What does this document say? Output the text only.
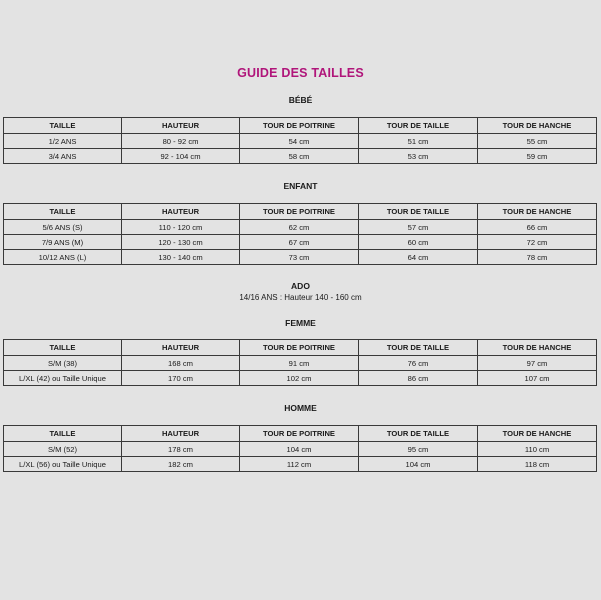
GUIDE DES TAILLES
BÉBÉ
TAILLE	HAUTEUR	TOUR DE POITRINE	TOUR DE TAILLE	TOUR DE HANCHE
1/2 ANS	80 - 92 cm	54 cm	51 cm	55 cm
3/4 ANS	92 - 104 cm	58 cm	53 cm	59 cm
ENFANT
TAILLE	HAUTEUR	TOUR DE POITRINE	TOUR DE TAILLE	TOUR DE HANCHE
5/6 ANS (S)	110 - 120 cm	62 cm	57 cm	66 cm
7/9 ANS (M)	120 - 130 cm	67 cm	60 cm	72 cm
10/12 ANS (L)	130 - 140 cm	73 cm	64 cm	78 cm
ADO
14/16 ANS : Hauteur 140 - 160 cm
FEMME
TAILLE	HAUTEUR	TOUR DE POITRINE	TOUR DE TAILLE	TOUR DE HANCHE
S/M (38)	168 cm	91 cm	76 cm	97 cm
L/XL (42) ou Taille Unique	170 cm	102 cm	86 cm	107 cm
HOMME
TAILLE	HAUTEUR	TOUR DE POITRINE	TOUR DE TAILLE	TOUR DE HANCHE
S/M (52)	178 cm	104 cm	95 cm	110 cm
L/XL (56) ou Taille Unique	182 cm	112 cm	104 cm	118 cm
